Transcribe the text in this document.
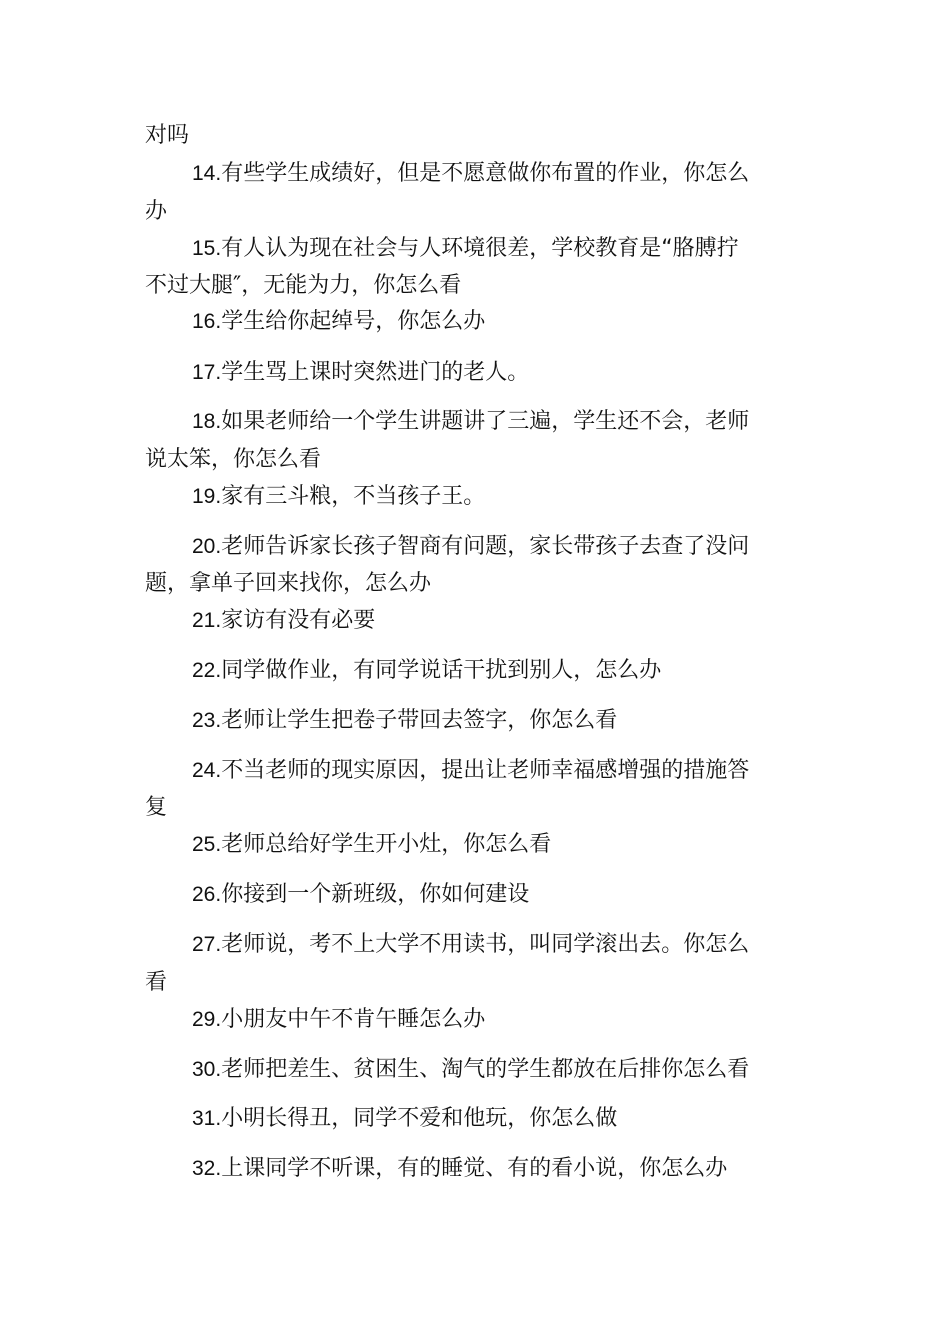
对吗
14.有些学生成绩好，但是不愿意做你布置的作业，你怎么
办
15.有人认为现在社会与人环境很差，学校教育是“胳膊拧
不过大腿″，无能为力，你怎么看
16.学生给你起绰号，你怎么办
17.学生骂上课时突然进门的老人。
18.如果老师给一个学生讲题讲了三遍，学生还不会，老师
说太笨，你怎么看
19.家有三斗粮，不当孩子王。
20.老师告诉家长孩子智商有问题，家长带孩子去查了没问
题，拿单子回来找你，怎么办
21.家访有没有必要
22.同学做作业，有同学说话干扰到别人，怎么办
23.老师让学生把卷子带回去签字，你怎么看
24.不当老师的现实原因，提出让老师幸福感增强的措施答
复
25.老师总给好学生开小灶，你怎么看
26.你接到一个新班级，你如何建设
27.老师说，考不上大学不用读书，叫同学滚出去。你怎么
看
29.小朋友中午不肯午睡怎么办
30.老师把差生、贫困生、淘气的学生都放在后排你怎么看
31.小明长得丑，同学不爱和他玩，你怎么做
32.上课同学不听课，有的睡觉、有的看小说，你怎么办
